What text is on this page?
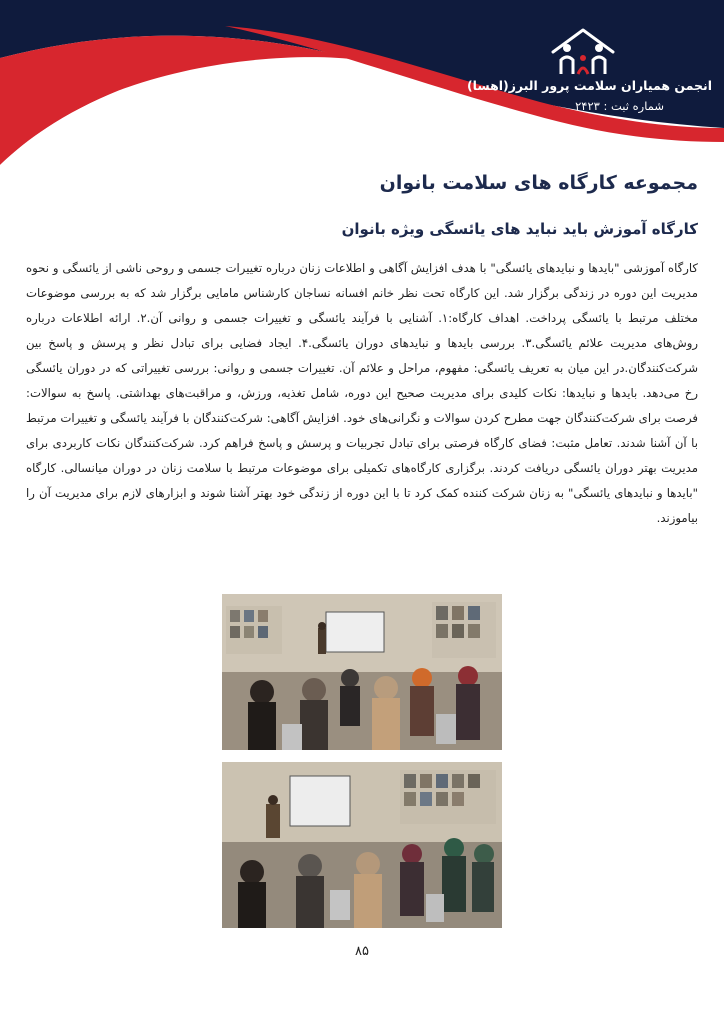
انجمن همیاران سلامت پرور البرز(اهسا)
شماره ثبت : ۲۴۲۳
مجموعه کارگاه های سلامت بانوان
کارگاه آموزش باید نباید های یائسگی ویژه بانوان

کارگاه آموزشی "بایدها و نبایدهای یائسگی" با هدف افزایش آگاهی و اطلاعات زنان درباره تغییرات جسمی و روحی ناشی از یائسگی و نحوه مدیریت این دوره در زندگی برگزار شد. این کارگاه تحت نظر خانم افسانه نساجان کارشناس مامایی برگزار شد که به بررسی موضوعات مختلف مرتبط با یائسگی پرداخت. اهداف کارگاه:۱. آشنایی با فرآیند یائسگی و تغییرات جسمی و روانی آن.۲. ارائه اطلاعات درباره روش‌های مدیریت علائم یائسگی.۳. بررسی بایدها و نبایدهای دوران یائسگی.۴. ایجاد فضایی برای تبادل نظر و پرسش و پاسخ بین شرکت‌کنندگان.در این میان به تعریف یائسگی: مفهوم، مراحل و علائم آن. تغییرات جسمی و روانی: بررسی تغییراتی که در دوران یائسگی رخ می‌دهد. بایدها و نبایدها: نکات کلیدی برای مدیریت صحیح این دوره، شامل تغذیه، ورزش، و مراقبت‌های بهداشتی. پاسخ به سوالات: فرصت برای شرکت‌کنندگان جهت مطرح کردن سوالات و نگرانی‌های خود. افزایش آگاهی: شرکت‌کنندگان با فرآیند یائسگی و تغییرات مرتبط با آن آشنا شدند. تعامل مثبت: فضای کارگاه فرصتی برای تبادل تجربیات و پرسش و پاسخ فراهم کرد. شرکت‌کنندگان نکات کاربردی برای مدیریت بهتر دوران یائسگی دریافت کردند. برگزاری کارگاه‌های تکمیلی برای موضوعات مرتبط با سلامت زنان در دوران میانسالی. کارگاه "بایدها و نبایدهای یائسگی" به زنان شرکت کننده کمک کرد تا با این دوره از زندگی خود بهتر آشنا شوند و ابزارهای لازم برای مدیریت آن را بیاموزند.

۸۵
